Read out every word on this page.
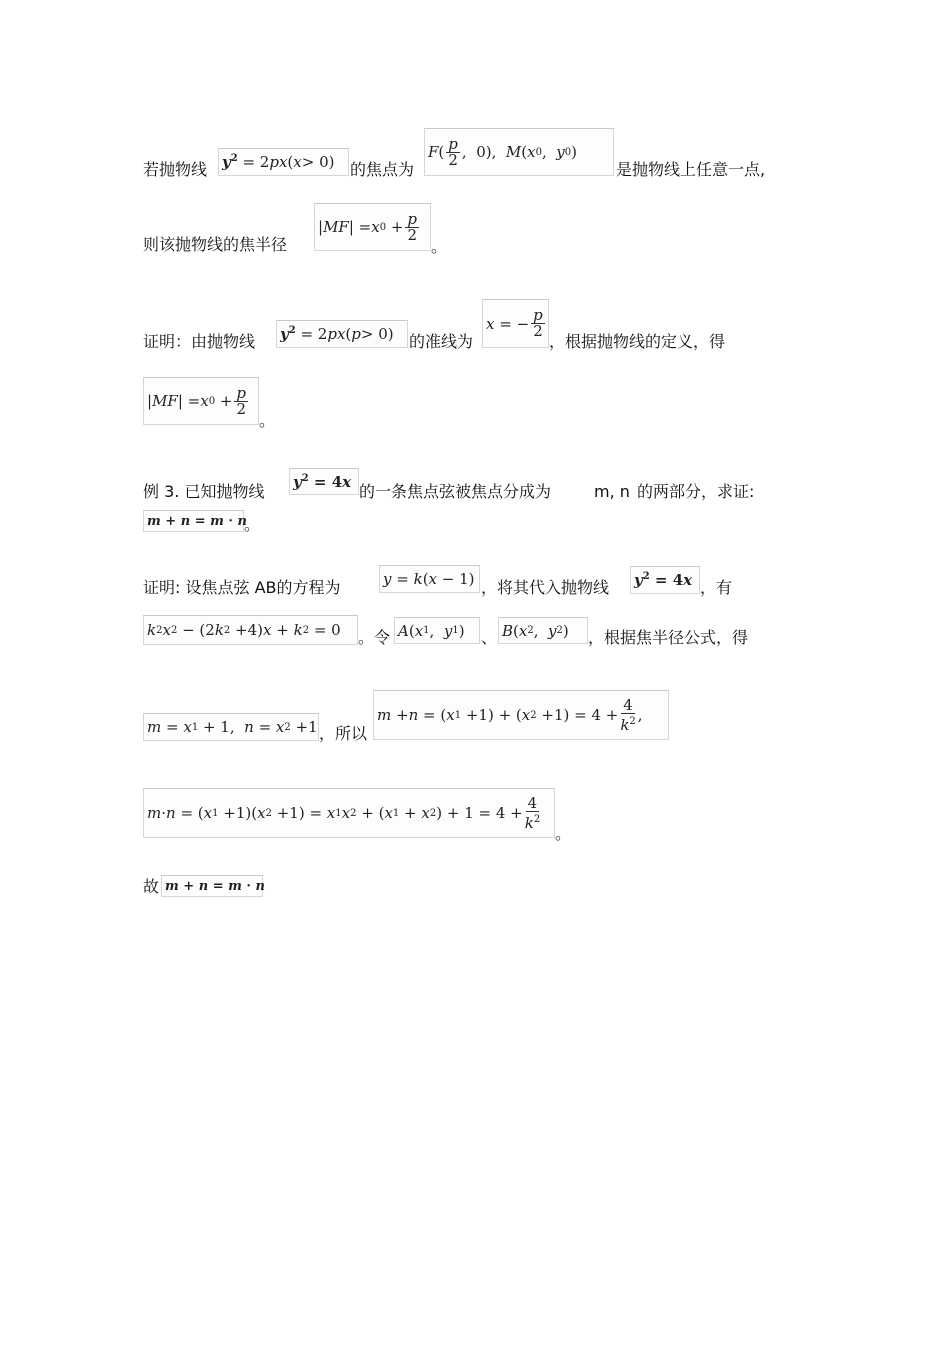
若抛物线 $y^2 = 2$ px ( x > 0) 的焦点为
F ( $\frac{p}{2}$ ,  0), M ( x 0 , y 0 )
是抛物线上任意一点,
则该抛物线的焦半径
| MF | = x $0 + \frac{p}{2}$
。
证明：由抛物线 $y^2 = 2$ px ( p > 0) 的准线为
x = − $\frac{p}{2}$
，根据抛物线的定义，得
| MF | = x $0 + \frac{p}{2}$
。
例 3. 已知抛物线
$y^2 = 4x$
的一条焦点弦被焦点分成为	m, n 的两部分，求证:
m + n = m · n
。
证明: 设焦点弦 AB的方程为	y = k ( x − 1) ，将其代入抛物线 $y^2 = 4x$ ，有
k 2 x 2 − (2 k 2 +4) x + k 2 = 0	。令 A ( x 1 , y 1 )	、 B ( x 2 , y 2 )	，根据焦半径公式，得
m = x 1 + 1, n = x 2 +1 ，所以
m + n = ( x 1 +1) + ( x $2 +1) = 4 + \frac{4}{k^2}$ ,
m · n = ( x 1 +1)( x 2 +1) = x 1 x 2 + ( x 1 + x 2 ) + $1 = 4 + \frac{4}{k^2}$
。
故 m + n = m · n
